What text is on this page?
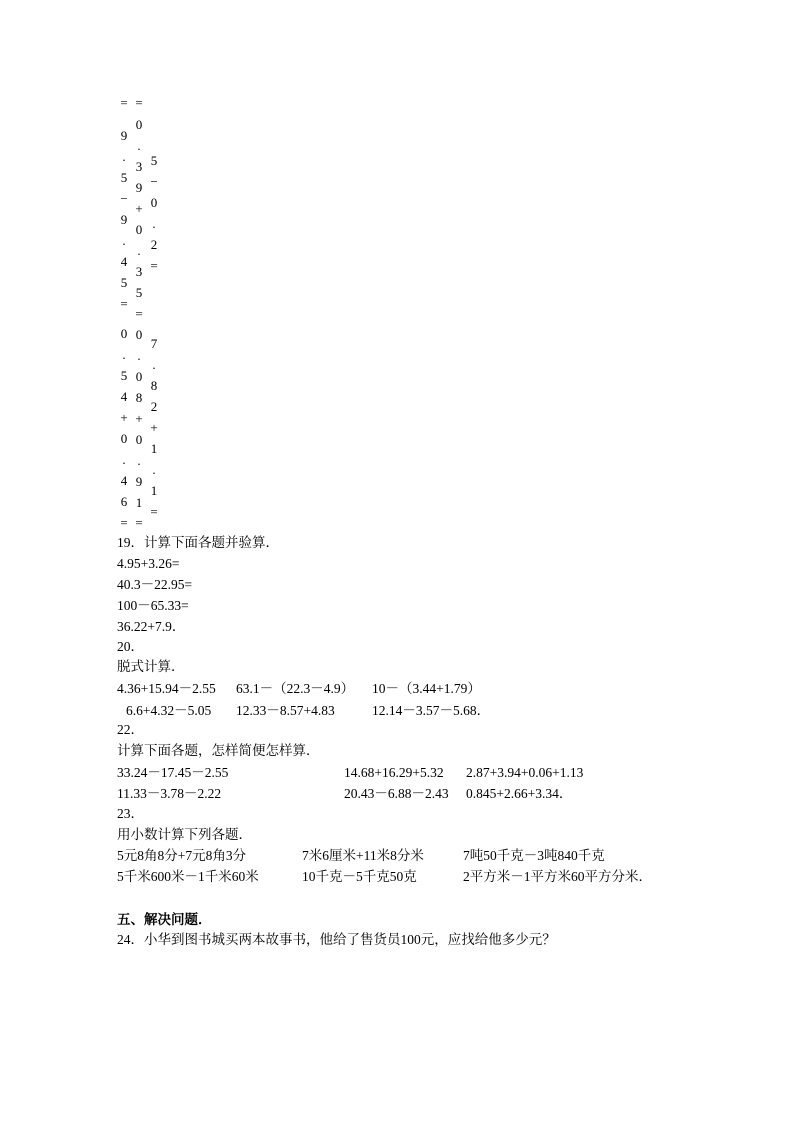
=
9
.
5
−
9
.
4
5
=
0
.
5
4
+
0
.
4
6
=
=
0
.
3
9
+
0
.
3
5
=
0
.
0
8
+
0
.
9
1
=
5
−
0
.
2
=
7
.
8
2
+
1
.
1
=
19．计算下面各题并验算．
4.95+3.26=
40.3－22.95=
100－65.33=
36.22+7.9．
20．
脱式计算．
4.36+15.94－2.55 63.1－（22.3－4.9） 10－（3.44+1.79）
6.6+4.32－5.05 12.33－8.57+4.83	12.14－3.57－5.68．
22．
计算下面各题，怎样简便怎样算．
33.24－17.45－2.55	14.68+16.29+5.32 2.87+3.94+0.06+1.13
11.33－3.78－2.22	20.43－6.88－2.43 0.845+2.66+3.34．
23．
用小数计算下列各题．
5元8角8分+7元8角3分	7米6厘米+11米8分米	7吨50千克－3吨840千克
5千米600米－1千米60米	10千克－5千克50克	2平方米－1平方米60平方分米．
五、解决问题．
24．小华到图书城买两本故事书，他给了售货员100元，应找给他多少元？
